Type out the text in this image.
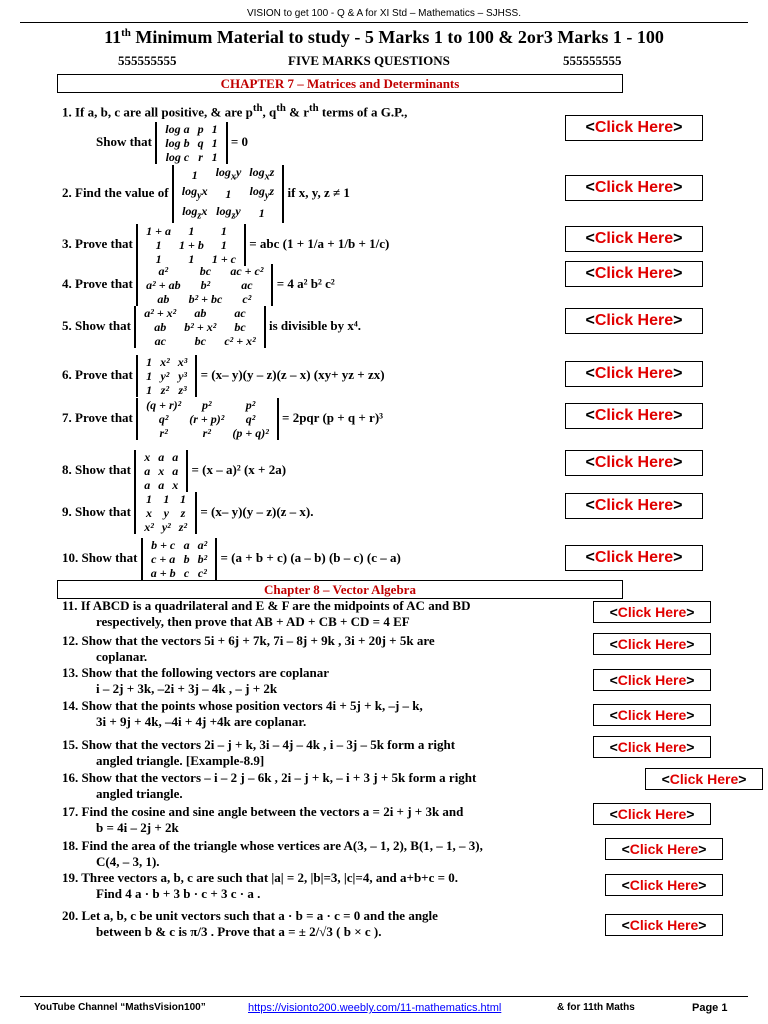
VISION to get 100 - Q & A for XI Std – Mathematics – SJHSS.
11th Minimum Material to study - 5 Marks 1 to 100 & 2or3 Marks 1 - 100
555555555	FIVE MARKS QUESTIONS	555555555
CHAPTER 7 – Matrices and Determinants
1. If a, b, c are all positive, & are $p^{th}$, $q^{th}$ & $r^{th}$ terms of a G.P.,
Show that
log a	p	1
log b	q	1
log c	r	1
= 0
2. Find the value of
1	$\log_xy$	$\log_xz$
$\log_yx$	1	$\log_yz$
$\log_zx$	$\log_zy$	1
if x, y, z ≠ 1
3. Prove that
1 + a	1	1
1	1 + b	1
1	1	1 + c
= abc (1 + 1/a + 1/b + 1/c)
4. Prove that
a²	bc	ac + c²
a² + ab	b²	ac
ab	b² + bc	c²
= 4 a² b² c²
5. Show that
a² + x²	ab	ac
ab	b² + x²	bc
ac	bc	c² + x²
is divisible by x⁴.
6. Prove that
1	x²	x³
1	y²	y³
1	z²	z³
= (x– y)(y – z)(z – x) (xy+ yz + zx)
7. Prove that
(q + r)²	p²	p²
q²	(r + p)²	q²
r²	r²	(p + q)²
= 2pqr (p + q + r)³
8. Show that
x	a	a
a	x	a
a	a	x
= (x – a)² (x + 2a)
9. Show that
1	1	1
x	y	z
x²	y²	z²
= (x– y)(y – z)(z – x).
10. Show that
b + c	a	a²
c + a	b	b²
a + b	c	c²
= (a + b + c) (a – b) (b – c) (c – a)
Chapter 8 – Vector Algebra
11. If ABCD is a quadrilateral and E & F are the midpoints of AC and BD
respectively, then prove that AB + AD + CB + CD = 4 EF
12. Show that the vectors 5i + 6j + 7k, 7i – 8j + 9k , 3i + 20j + 5k are
coplanar.
13. Show that the following vectors are coplanar
i – 2j + 3k, –2i + 3j – 4k , – j + 2k
14. Show that the points whose position vectors 4i + 5j + k, –j – k,
3i + 9j + 4k, –4i + 4j +4k are coplanar.
15. Show that the vectors 2i – j + k, 3i – 4j – 4k , i – 3j – 5k form a right
angled triangle. [Example-8.9]
16. Show that the vectors – i – 2 j – 6k , 2i – j + k, – i + 3 j + 5k form a right
angled triangle.
17. Find the cosine and sine angle between the vectors a = 2i + j + 3k and
b = 4i – 2j + 2k
18. Find the area of the triangle whose vertices are A(3, – 1, 2), B(1, – 1, – 3),
C(4, – 3, 1).
19. Three vectors a, b, c are such that |a| = 2, |b|=3, |c|=4, and a+b+c = 0.
Find 4 a · b + 3 b · c + 3 c · a .
20. Let a, b, c be unit vectors such that a · b = a · c = 0 and the angle
between b & c is π/3 . Prove that a = ± 2/√3 ( b × c ).
YouTube Channel “MathsVision100”	https://visionto200.weebly.com/11-mathematics.html	& for 11th Maths	Page 1
<Click Here>
<Click Here>
<Click Here>
<Click Here>
<Click Here>
<Click Here>
<Click Here>
<Click Here>
<Click Here>
<Click Here>
<Click Here>
<Click Here>
<Click Here>
<Click Here>
<Click Here>
<Click Here>
<Click Here>
<Click Here>
<Click Here>
<Click Here>
